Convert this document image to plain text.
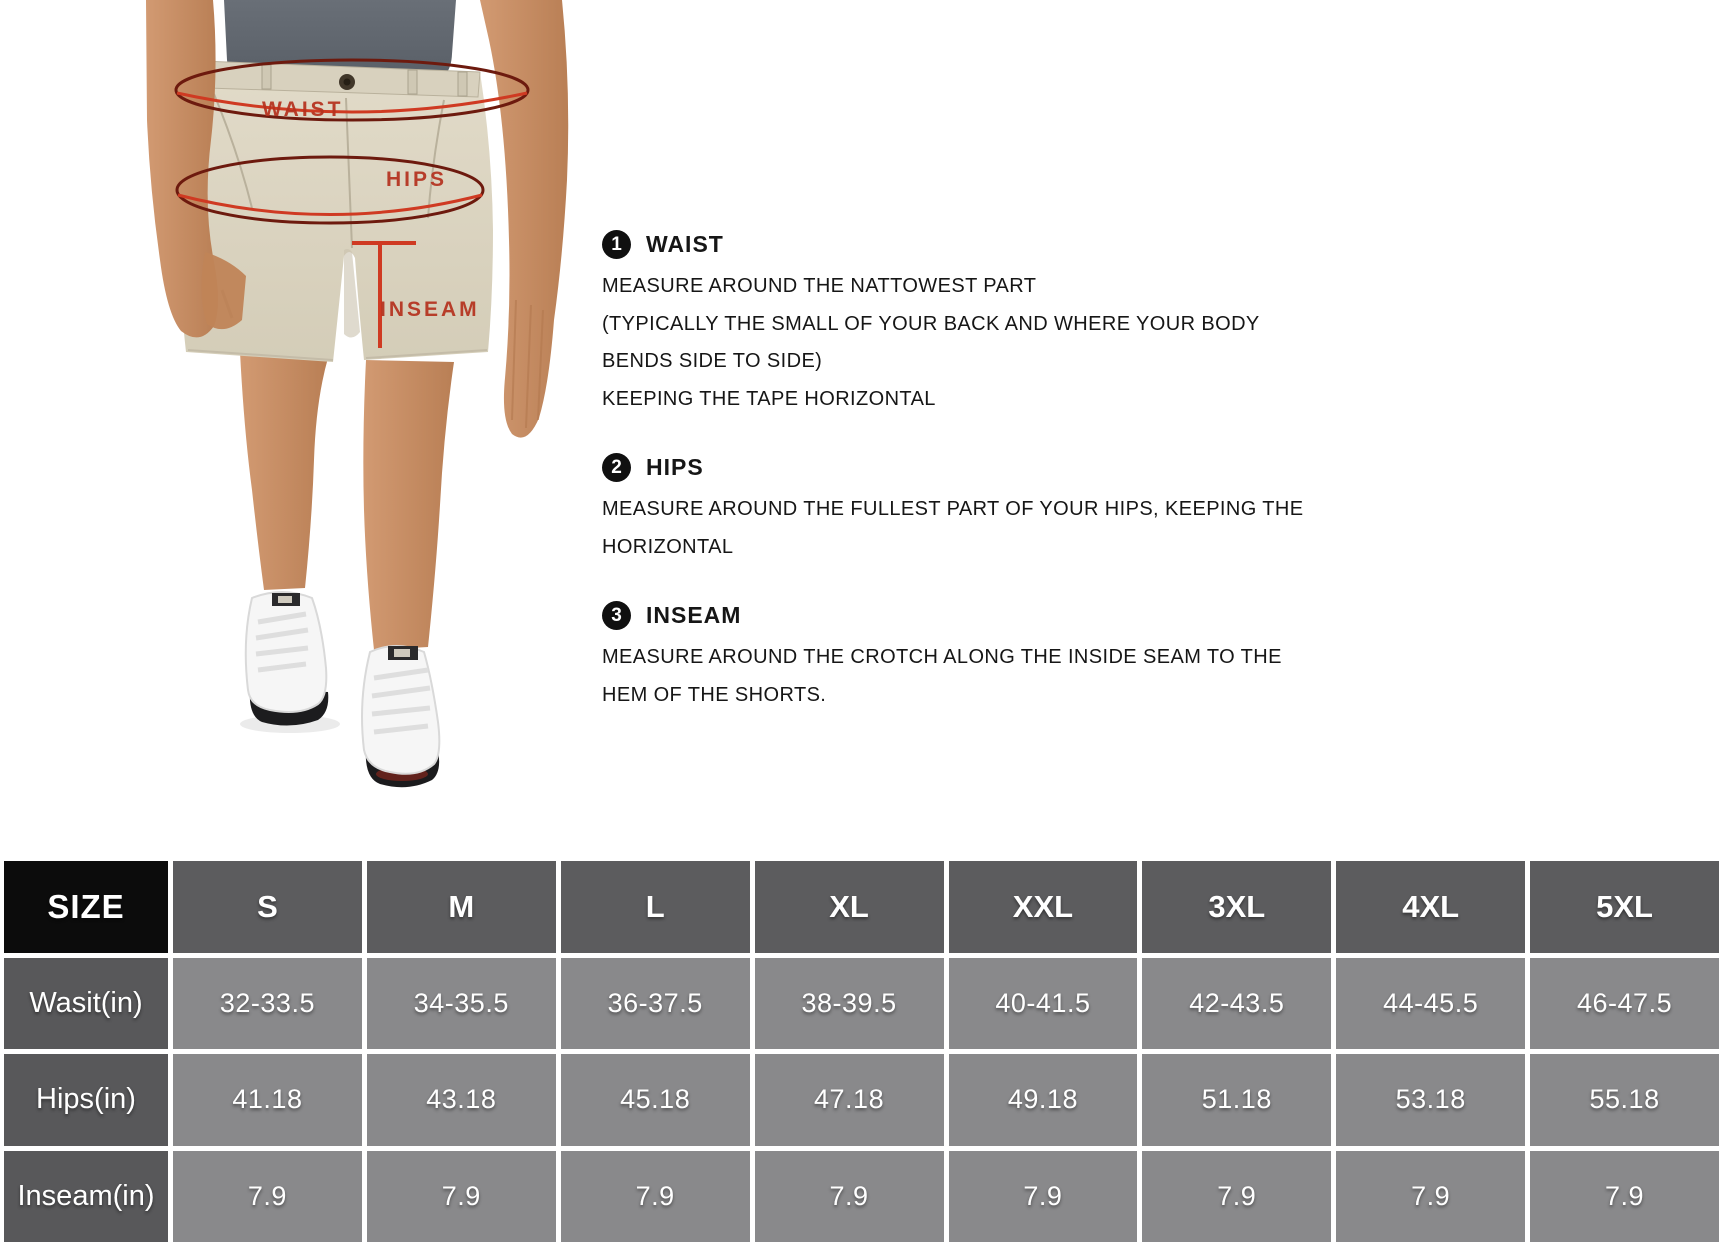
WAIST
HIPS
INSEAM
1	WAIST
MEASURE AROUND THE NATTOWEST PART
(TYPICALLY THE SMALL OF YOUR BACK AND WHERE YOUR BODY
BENDS SIDE TO SIDE)
KEEPING THE TAPE HORIZONTAL
2	HIPS
MEASURE AROUND THE FULLEST PART OF YOUR HIPS, KEEPING THE
HORIZONTAL
3	INSEAM
MEASURE AROUND THE CROTCH ALONG THE INSIDE SEAM TO THE
HEM OF THE SHORTS.
SIZE	S	M	L	XL	XXL	3XL	4XL	5XL
Wasit(in)	32-33.5	34-35.5	36-37.5	38-39.5	40-41.5	42-43.5	44-45.5	46-47.5
Hips(in)	41.18	43.18	45.18	47.18	49.18	51.18	53.18	55.18
Inseam(in)	7.9	7.9	7.9	7.9	7.9	7.9	7.9	7.9
